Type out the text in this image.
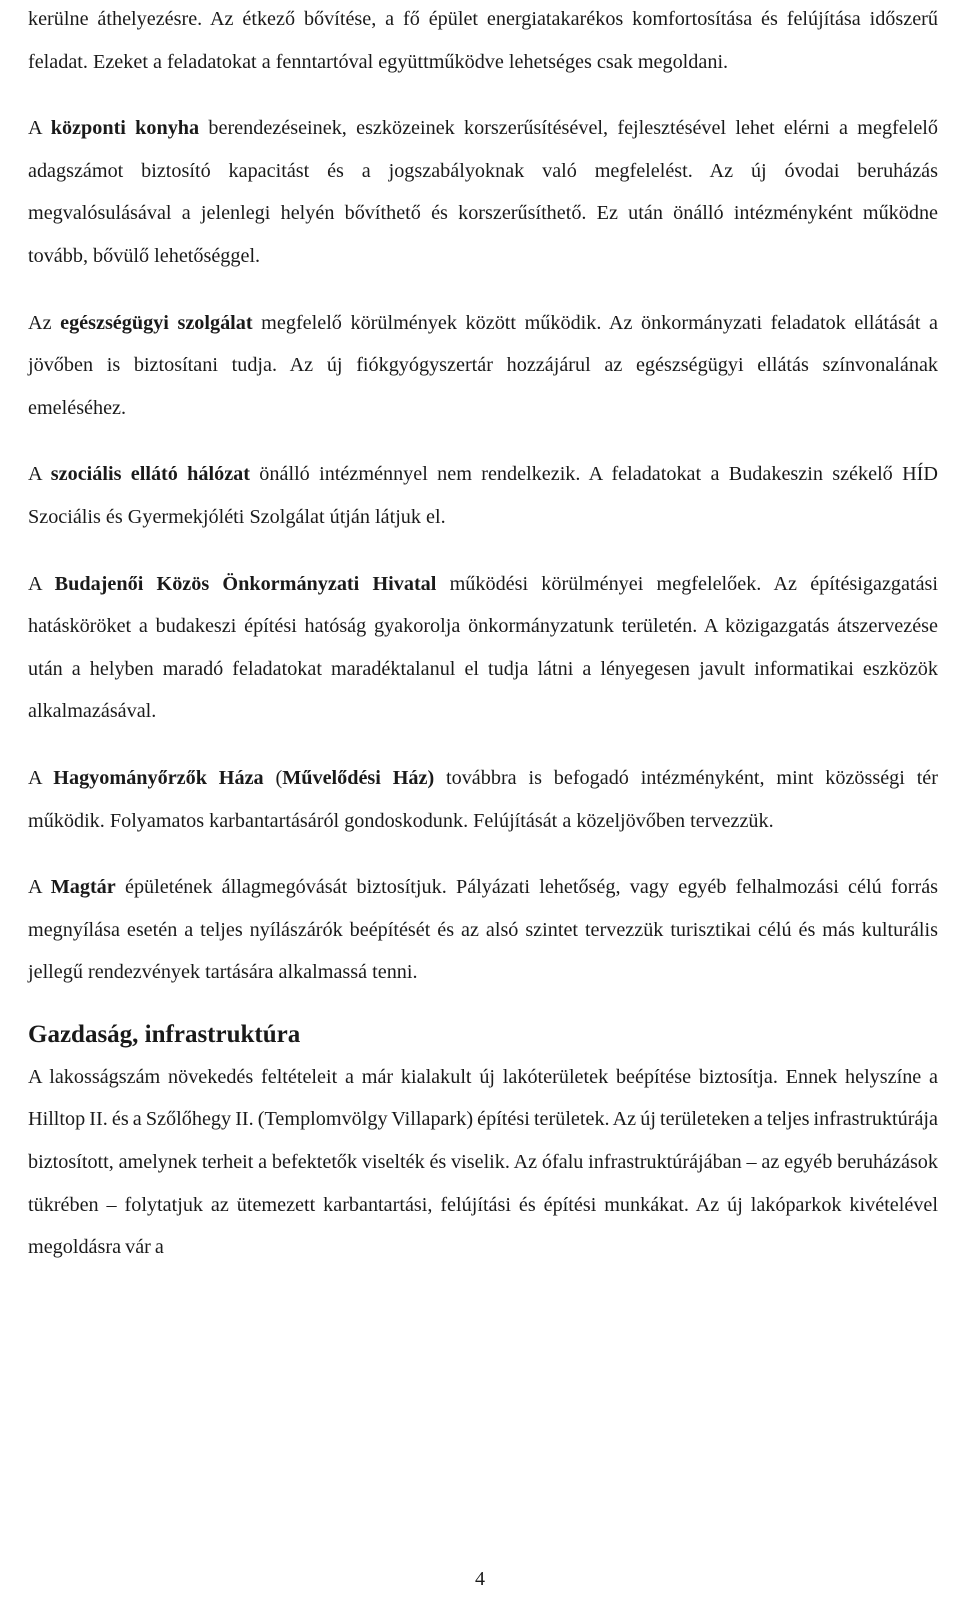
kerülne áthelyezésre. Az étkező bővítése, a fő épület energiatakarékos komfortosítása és felújítása időszerű feladat. Ezeket a feladatokat a fenntartóval együttműködve lehetséges csak megoldani.

A központi konyha berendezéseinek, eszközeinek korszerűsítésével, fejlesztésével lehet elérni a megfelelő adagszámot biztosító kapacitást és a jogszabályoknak való megfelelést. Az új óvodai beruházás megvalósulásával a jelenlegi helyén bővíthető és korszerűsíthető. Ez után önálló intézményként működne tovább, bővülő lehetőséggel.

Az egészségügyi szolgálat megfelelő körülmények között működik. Az önkormányzati feladatok ellátását a jövőben is biztosítani tudja. Az új fiókgyógyszertár hozzájárul az egészségügyi ellátás színvonalának emeléséhez.

A szociális ellátó hálózat önálló intézménnyel nem rendelkezik. A feladatokat a Budakeszin székelő HÍD Szociális és Gyermekjóléti Szolgálat útján látjuk el.

A Budajenői Közös Önkormányzati Hivatal működési körülményei megfelelőek. Az építésigazgatási hatásköröket a budakeszi építési hatóság gyakorolja önkormányzatunk területén. A közigazgatás átszervezése után a helyben maradó feladatokat maradéktalanul el tudja látni a lényegesen javult informatikai eszközök alkalmazásával.

A Hagyományőrzők Háza (Művelődési Ház) továbbra is befogadó intézményként, mint közösségi tér működik. Folyamatos karbantartásáról gondoskodunk. Felújítását a közeljövőben tervezzük.

A Magtár épületének állagmegóvását biztosítjuk. Pályázati lehetőség, vagy egyéb felhalmozási célú forrás megnyílása esetén a teljes nyílászárók beépítését és az alsó szintet tervezzük turisztikai célú és más kulturális jellegű rendezvények tartására alkalmassá tenni.

Gazdaság, infrastruktúra

A lakosságszám növekedés feltételeit a már kialakult új lakóterületek beépítése biztosítja. Ennek helyszíne a Hilltop II. és a Szőlőhegy II. (Templomvölgy Villapark) építési területek. Az új területeken a teljes infrastruktúrája biztosított, amelynek terheit a befektetők viselték és viselik. Az ófalu infrastruktúrájában – az egyéb beruházások tükrében – folytatjuk az ütemezett karbantartási, felújítási és építési munkákat. Az új lakóparkok kivételével megoldásra vár a

4
